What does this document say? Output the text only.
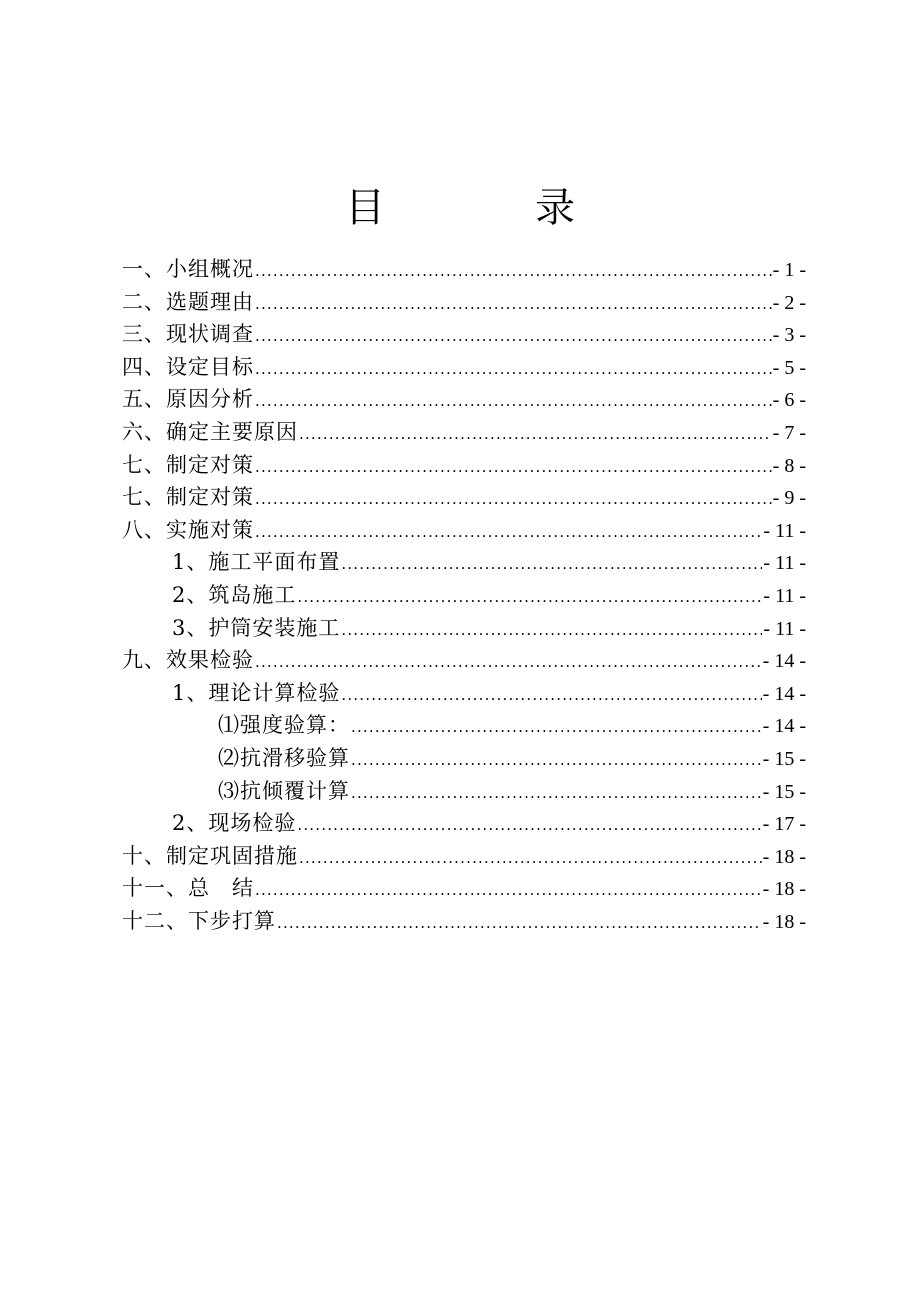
目	录
一、小组概况 .....	- 1 -
二、选题理由 .....	- 2 -
三、现状调查 .....	- 3 -
四、设定目标 .....	- 5 -
五、原因分析 .....	- 6 -
六、确定主要原因 .....	- 7 -
七、制定对策 .....	- 8 -
七、制定对策 .....	- 9 -
八、实施对策 .....	- 11 -
1、施工平面布置 .....	- 11 -
2、筑岛施工 .....	- 11 -
3、护筒安装施工 .....	- 11 -
九、效果检验 .....	- 14 -
1、理论计算检验 .....	- 14 -
⑴强度验算： .....	- 14 -
⑵抗滑移验算 .....	- 15 -
⑶抗倾覆计算 .....	- 15 -
2、现场检验 .....	- 17 -
十、制定巩固措施 .....	- 18 -
十一、总　结 .....	- 18 -
十二、下步打算 .....	- 18 -
